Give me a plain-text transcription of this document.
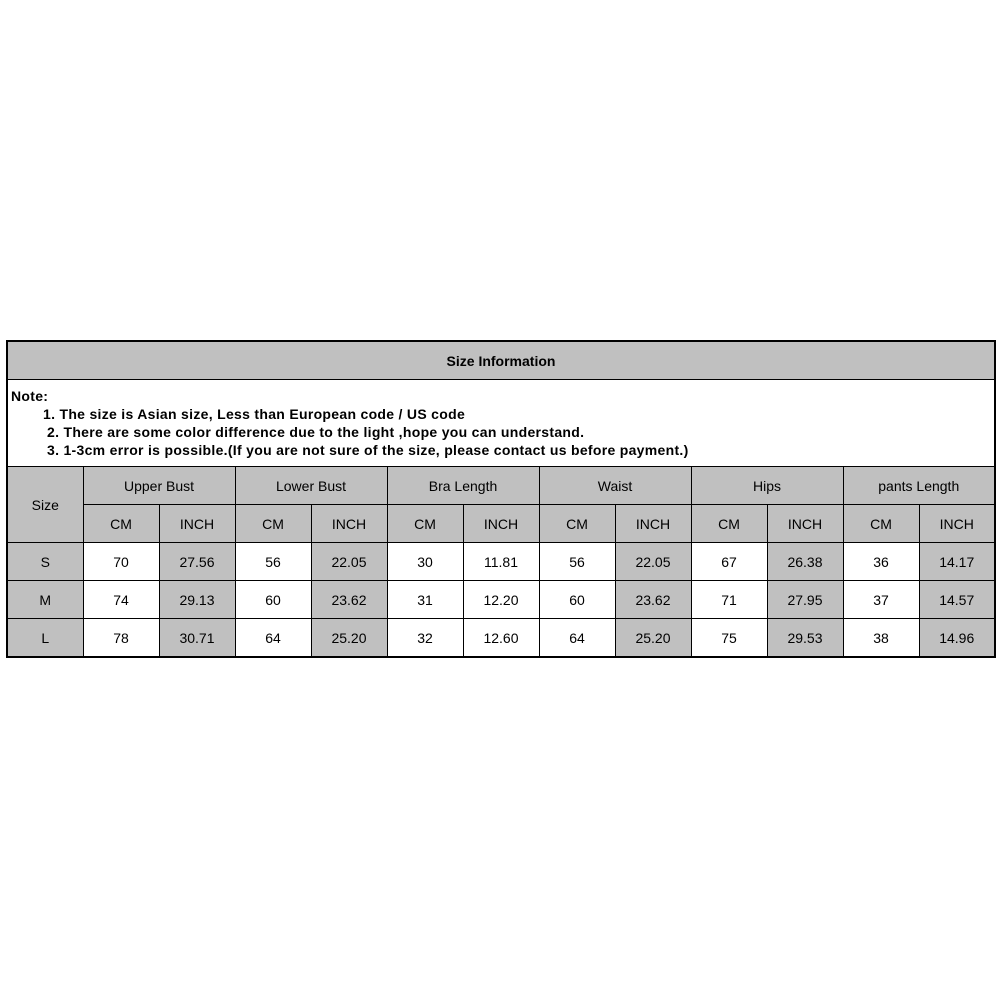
Size Information												

Note:
1. The size is Asian size, Less than European code / US code
2. There are some color difference due to the light ,hope you can understand.
3. 1-3cm error is possible.(If you are not sure of the size, please contact us before payment.)												

Size	Upper Bust		Lower Bust		Bra Length		Waist		Hips		pants Length	
	CM	INCH	CM	INCH	CM	INCH	CM	INCH	CM	INCH	CM	INCH
S	70	27.56	56	22.05	30	11.81	56	22.05	67	26.38	36	14.17
M	74	29.13	60	23.62	31	12.20	60	23.62	71	27.95	37	14.57
L	78	30.71	64	25.20	32	12.60	64	25.20	75	29.53	38	14.96
